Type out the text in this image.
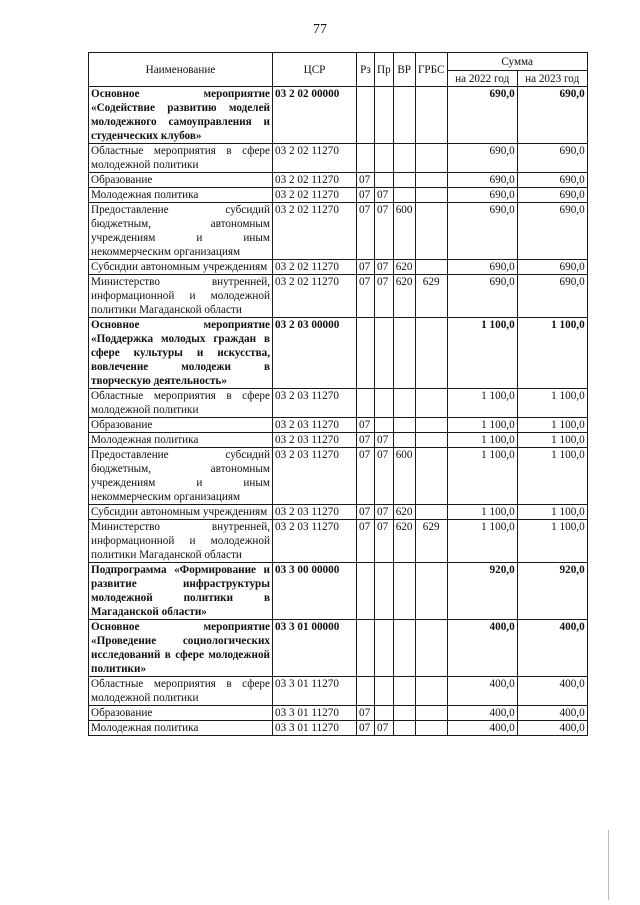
77
Наименование	ЦСР	Рз	Пр	ВР	ГРБС	Сумма	
						на 2022 год	на 2023 год
Основное мероприятие «Содействие развитию моделей молодежного самоуправления и студенческих клубов»	03 2 02 00000					690,0	690,0
Областные мероприятия в сфере молодежной политики	03 2 02 11270					690,0	690,0
Образование	03 2 02 11270	07				690,0	690,0
Молодежная политика	03 2 02 11270	07	07			690,0	690,0
Предоставление субсидий бюджетным, автономным учреждениям и иным некоммерческим организациям	03 2 02 11270	07	07	600		690,0	690,0
Субсидии автономным учреждениям	03 2 02 11270	07	07	620		690,0	690,0
Министерство внутренней, информационной и молодежной политики Магаданской области	03 2 02 11270	07	07	620	629	690,0	690,0
Основное мероприятие «Поддержка молодых граждан в сфере культуры и искусства, вовлечение молодежи в творческую деятельность»	03 2 03 00000					1 100,0	1 100,0
Областные мероприятия в сфере молодежной политики	03 2 03 11270					1 100,0	1 100,0
Образование	03 2 03 11270	07				1 100,0	1 100,0
Молодежная политика	03 2 03 11270	07	07			1 100,0	1 100,0
Предоставление субсидий бюджетным, автономным учреждениям и иным некоммерческим организациям	03 2 03 11270	07	07	600		1 100,0	1 100,0
Субсидии автономным учреждениям	03 2 03 11270	07	07	620		1 100,0	1 100,0
Министерство внутренней, информационной и молодежной политики Магаданской области	03 2 03 11270	07	07	620	629	1 100,0	1 100,0
Подпрограмма «Формирование и развитие инфраструктуры молодежной политики в Магаданской области»	03 3 00 00000					920,0	920,0
Основное мероприятие «Проведение социологических исследований в сфере молодежной политики»	03 3 01 00000					400,0	400,0
Областные мероприятия в сфере молодежной политики	03 3 01 11270					400,0	400,0
Образование	03 3 01 11270	07				400,0	400,0
Молодежная политика	03 3 01 11270	07	07			400,0	400,0
